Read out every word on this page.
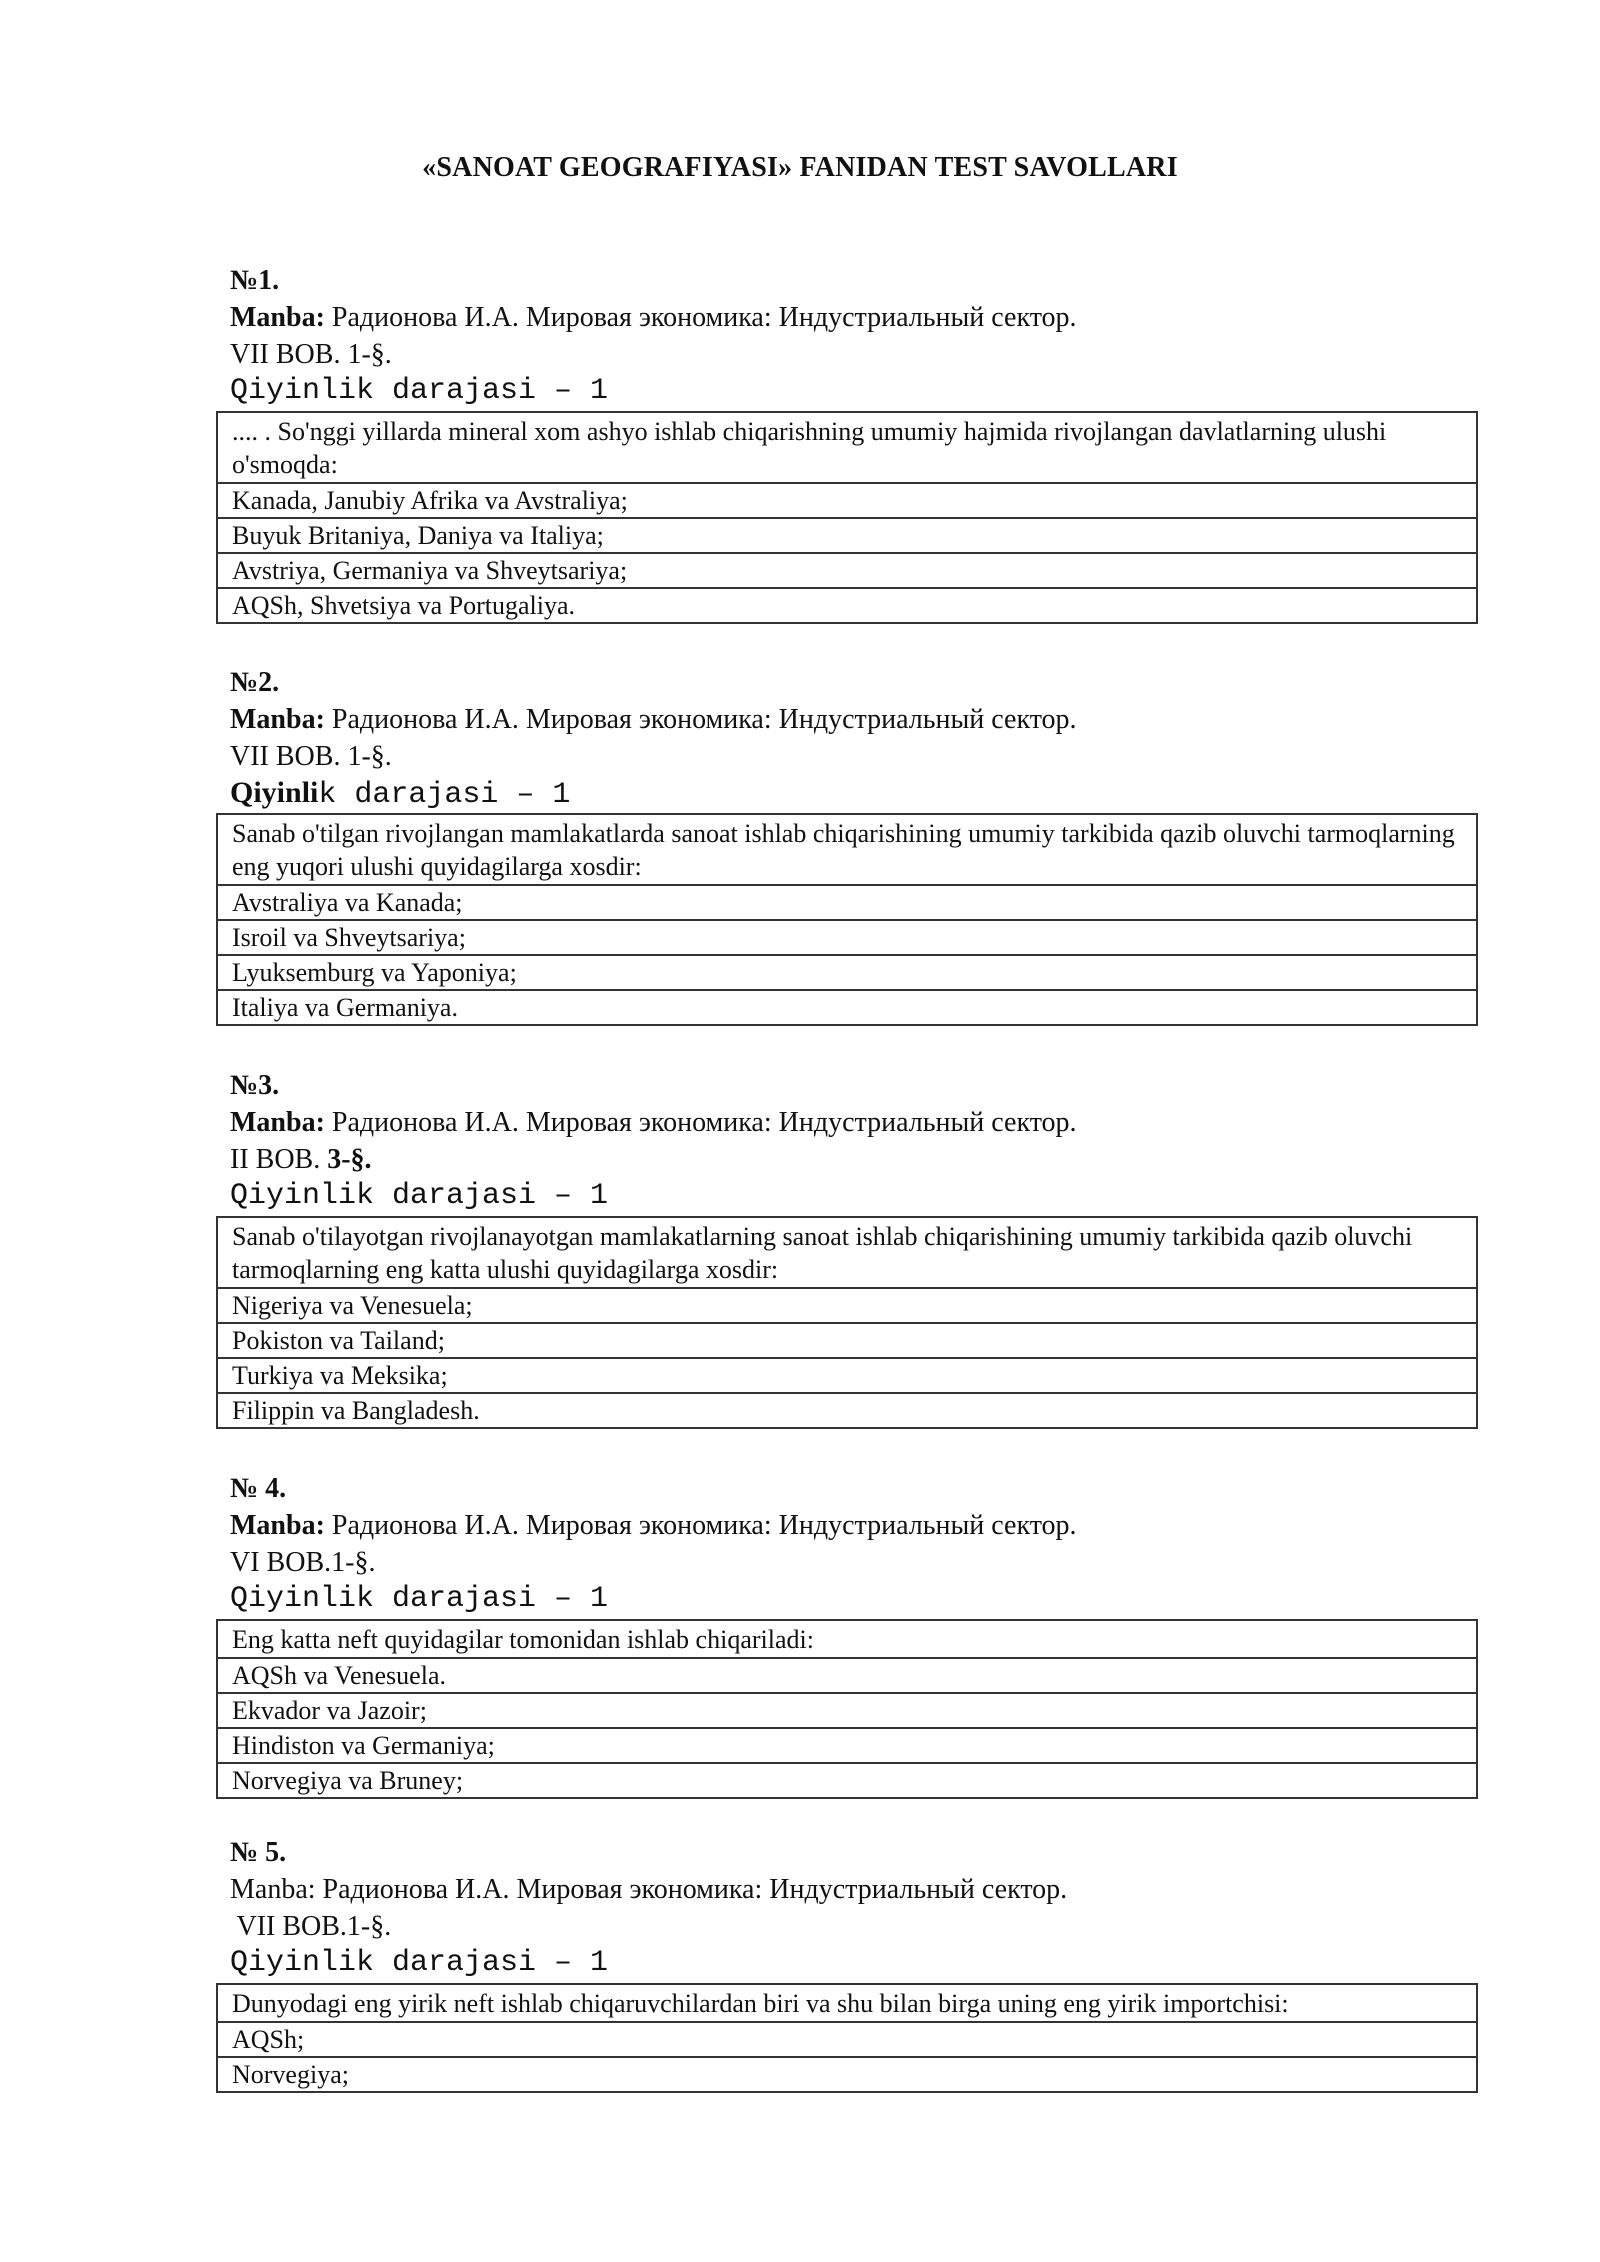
«SANOAT GEOGRAFIYASI» FANIDAN TEST SAVOLLARI
№1.
Manba: Радионова И.А. Мировая экономика: Индустриальный сектор.
VII BOB. 1-§.
Qiyinlik darajasi – 1
.... . So'nggi yillarda mineral xom ashyo ishlab chiqarishning umumiy hajmida rivojlangan davlatlarning ulushi o'smoqda:
Kanada, Janubiy Afrika va Avstraliya;
Buyuk Britaniya, Daniya va Italiya;
Avstriya, Germaniya va Shveytsariya;
AQSh, Shvetsiya va Portugaliya.
№2.
Manba: Радионова И.А. Мировая экономика: Индустриальный сектор.
VII BOB. 1-§.
Qiyinlik darajasi – 1
Sanab o'tilgan rivojlangan mamlakatlarda sanoat ishlab chiqarishining umumiy tarkibida qazib oluvchi tarmoqlarning eng yuqori ulushi quyidagilarga xosdir:
Avstraliya va Kanada;
Isroil va Shveytsariya;
Lyuksemburg va Yaponiya;
Italiya va Germaniya.
№3.
Manba: Радионова И.А. Мировая экономика: Индустриальный сектор.
II BOB. 3-§.
Qiyinlik darajasi – 1
Sanab o'tilayotgan rivojlanayotgan mamlakatlarning sanoat ishlab chiqarishining umumiy tarkibida qazib oluvchi tarmoqlarning eng katta ulushi quyidagilarga xosdir:
Nigeriya va Venesuela;
Pokiston va Tailand;
Turkiya va Meksika;
Filippin va Bangladesh.
№ 4.
Manba: Радионова И.А. Мировая экономика: Индустриальный сектор.
VI BOB.1-§.
Qiyinlik darajasi – 1
Eng katta neft quyidagilar tomonidan ishlab chiqariladi:
AQSh va Venesuela.
Ekvador va Jazoir;
Hindiston va Germaniya;
Norvegiya va Bruney;
№ 5.
Manba: Радионова И.А. Мировая экономика: Индустриальный сектор.
VII BOB.1-§.
Qiyinlik darajasi – 1
Dunyodagi eng yirik neft ishlab chiqaruvchilardan biri va shu bilan birga uning eng yirik importchisi:
AQSh;
Norvegiya;
